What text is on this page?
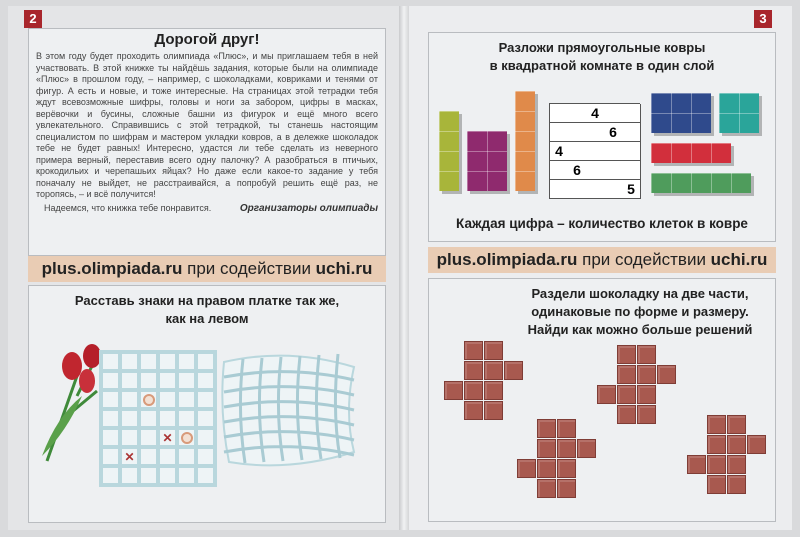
2	3
Дорогой друг!

В этом году будет проходить олимпиада «Плюс», и мы приглашаем тебя в ней участвовать. В этой книжке ты найдёшь задания, которые были на олимпиаде «Плюс» в прошлом году, – например, с шоколадками, ковриками и тенями от фигур. А есть и новые, и тоже интересные. На страницах этой тетрадки тебя ждут всевозможные шифры, головы и ноги за забором, цифры в масках, верёвочки и бусины, сложные башни из фигурок и ещё много всего увлекательного. Справившись с этой тетрадкой, ты станешь настоящим специалистом по шифрам и мастером укладки ковров, а в дележке шоколадок тебе не будет равных! Интересно, удастся ли тебе сделать из неверного примера верный, переставив всего одну палочку? А разобраться в птичьих, крокодильих и черепашьих яйцах? Но даже если какое-то задание у тебя поначалу не выйдет, не расстраивайся, а попробуй решить ещё раз, не торопясь, – и всё получится!

Надеемся, что книжка тебе понравится.	Организаторы олимпиады
plus.olimpiada.ru при содействии uchi.ru
Расставь знаки на правом платке так же,
как на левом
✕
✕
Разложи прямоугольные ковры
в квадратной комнате в один слой
4
6
4
6
5
Каждая цифра – количество клеток в ковре
plus.olimpiada.ru при содействии uchi.ru
Раздели шоколадку на две части,
одинаковые по форме и размеру.
Найди как можно больше решений
